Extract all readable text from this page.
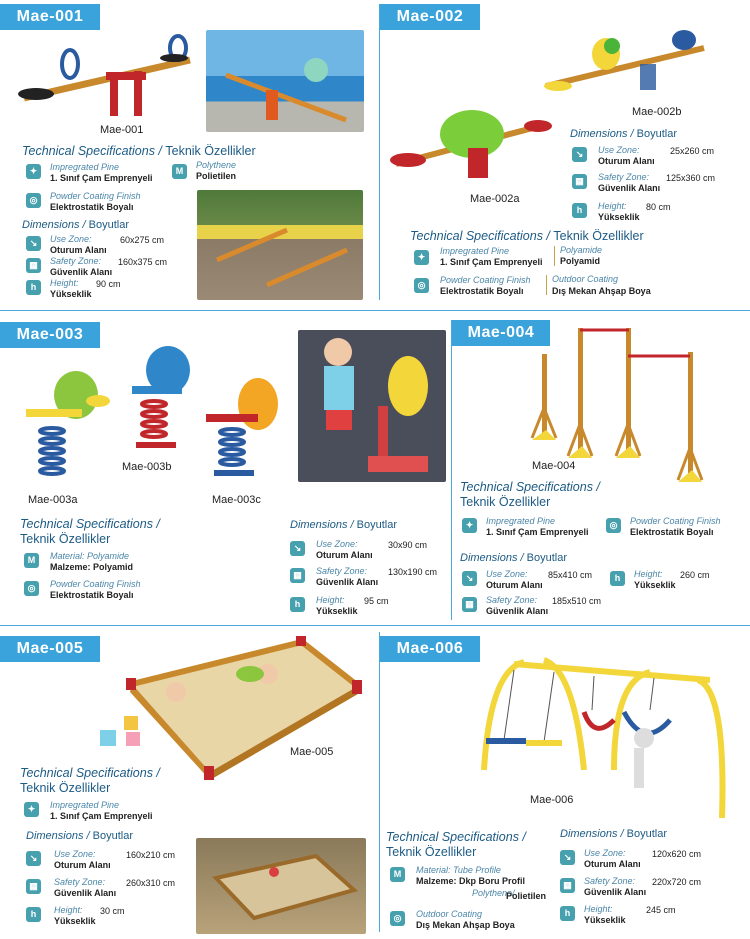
Mae-001
Mae-001
Technical Specifications / Teknik Özellikler
✦	Impregrated Pine
1. Sınıf Çam Emprenyeli
M
Polythene
Polietilen
◎	Powder Coating Finish
Elektrostatik Boyalı
Dimensions / Boyutlar
↘	Use Zone:	60x275 cm
Oturum Alanı
▦	Safety Zone: 160x375 cm
Güvenlik Alanı
h	Height: 90 cm
Yükseklik
Mae-002
Mae-002b
Mae-002a
Dimensions / Boyutlar
↘	Use Zone:	25x260 cm
Oturum Alanı
▦	Safety Zone: 125x360 cm
Güvenlik Alanı
h	Height: 80 cm
Yükseklik
Technical Specifications / Teknik Özellikler
✦
Impregrated Pine
1. Sınıf Çam Emprenyeli
Polyamide
Polyamid
◎	Powder Coating Finish
Elektrostatik Boyalı
Outdoor Coating
Dış Mekan Ahşap Boya
Mae-003
Mae-003a
Mae-003b
Mae-003c
Technical Specifications /
Teknik Özellikler
M	Material: Polyamide
Malzeme: Polyamid
◎	Powder Coating Finish
Elektrostatik Boyalı
Dimensions / Boyutlar
↘	Use Zone:	30x90 cm
Oturum Alanı
▦	Safety Zone: 130x190 cm
Güvenlik Alanı
h	Height: 95 cm
Yükseklik
Mae-004
Mae-004
Technical Specifications /
Teknik Özellikler
✦	Impregrated Pine
1. Sınıf Çam Emprenyeli
◎	Powder Coating Finish
Elektrostatik Boyalı
Dimensions / Boyutlar
↘	Use Zone: 85x410 cm
Oturum Alanı
h	Height: 260 cm
Yükseklik
▦	Safety Zone: 185x510 cm
Güvenlik Alanı
Mae-005
Mae-005
Technical Specifications /
Teknik Özellikler
✦	Impregrated Pine
1. Sınıf Çam Emprenyeli
Dimensions / Boyutlar
↘	Use Zone:	160x210 cm
Oturum Alanı
▦	Safety Zone: 260x310 cm
Güvenlik Alanı
h	Height: 30 cm
Yükseklik
Mae-006
Mae-006
Technical Specifications /
Teknik Özellikler
M	Material: Tube Profile
Malzeme: Dkp Boru Profil
Polythene/
Polietilen
◎	Outdoor Coating
Dış Mekan Ahşap Boya
Dimensions / Boyutlar
↘	Use Zone:	120x620 cm
Oturum Alanı
▦	Safety Zone: 220x720 cm
Güvenlik Alanı
h	Height:	245 cm
Yükseklik
